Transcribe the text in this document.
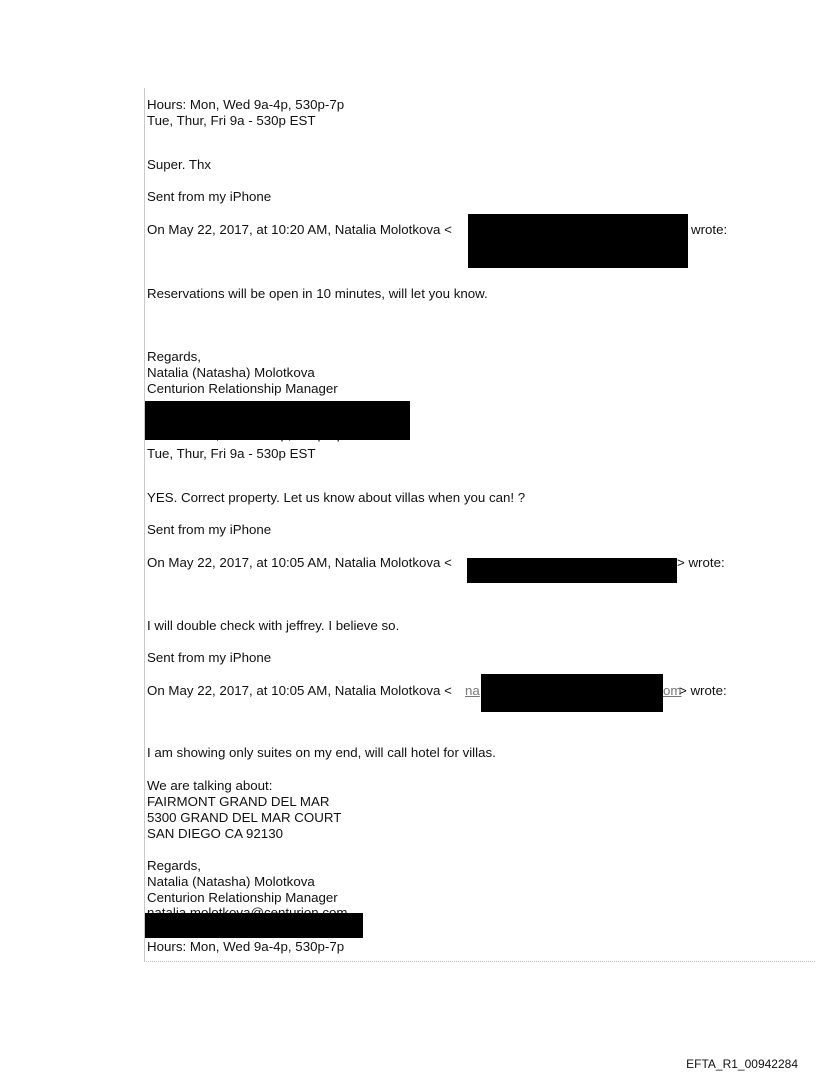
Hours: Mon, Wed 9a-4p, 530p-7p
Tue, Thur, Fri 9a - 530p EST
Super. Thx
Sent from my iPhone
On May 22, 2017, at 10:20 AM, Natalia Molotkova <	wrote:
Reservations will be open in 10 minutes, will let you know.
Regards,
Natalia (Natasha) Molotkova
Centurion Relationship Manager
Tue, Thur, Fri 9a - 530p EST
YES. Correct property. Let us know about villas when you can! ?
Sent from my iPhone
On May 22, 2017, at 10:05 AM, Natalia Molotkova <	> wrote:
I will double check with jeffrey. I believe so.
Sent from my iPhone
On May 22, 2017, at 10:05 AM, Natalia Molotkova < na	om
> wrote:
I am showing only suites on my end, will call hotel for villas.
We are talking about:
FAIRMONT GRAND DEL MAR
5300 GRAND DEL MAR COURT
SAN DIEGO CA 92130
Regards,
Natalia (Natasha) Molotkova
Centurion Relationship Manager
Hours: Mon, Wed 9a-4p, 530p-7p
EFTA_R1_00942284
